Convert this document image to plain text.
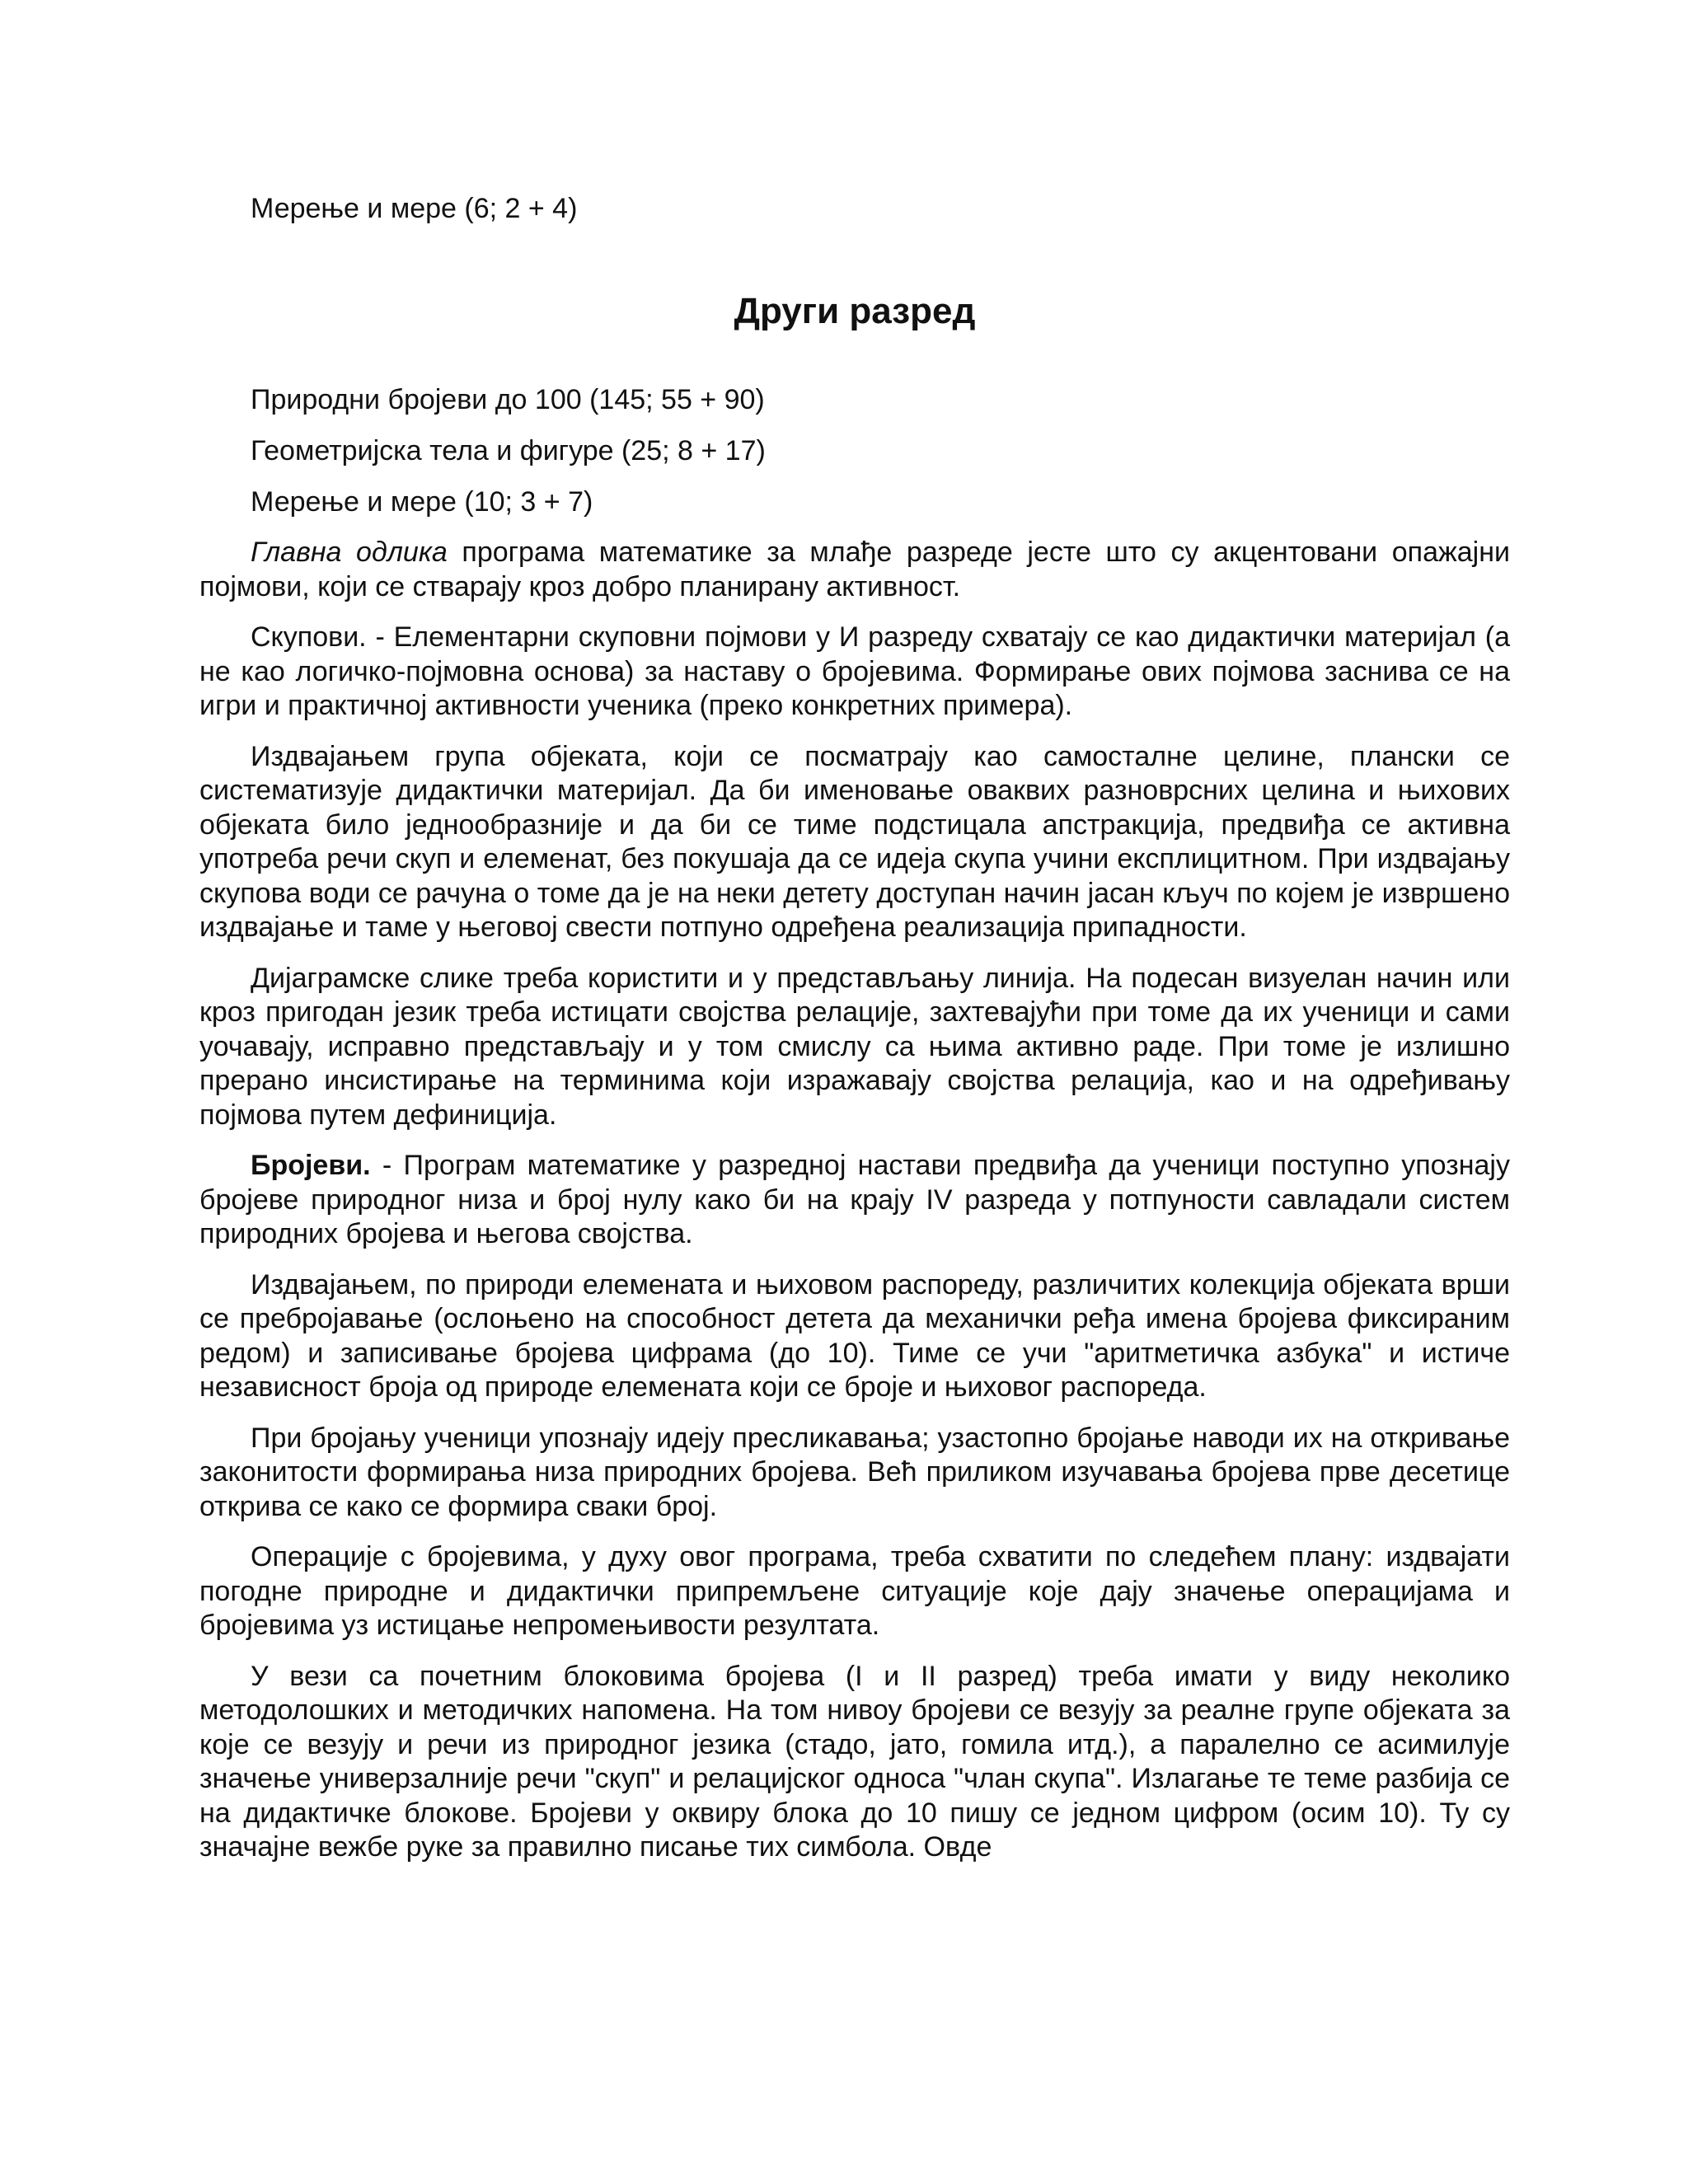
Мерење и мере (6; 2 + 4)

Други разред

Природни бројеви до 100 (145; 55 + 90)

Геометријска тела и фигуре (25; 8 + 17)

Мерење и мере (10; 3 + 7)

Главна одлика програма математике за млађе разреде јесте што су акцентовани опажајни појмови, који се стварају кроз добро планирану активност.

Скупови. - Елементарни скуповни појмови у И разреду схватају се као дидактички материјал (а не као логичко-појмовна основа) за наставу о бројевима. Формирање ових појмова заснива се на игри и практичној активности ученика (преко конкретних примера).

Издвајањем група објеката, који се посматрају као самосталне целине, плански се систематизује дидактички материјал. Да би именовање оваквих разноврсних целина и њихових објеката било једнообразније и да би се тиме подстицала апстракција, предвиђа се активна употреба речи скуп и елеменат, без покушаја да се идеја скупа учини експлицитном. При издвајању скупова води се рачуна о томе да је на неки детету доступан начин јасан кључ по којем је извршено издвајање и таме у његовој свести потпуно одређена реализација припадности.

Дијаграмске слике треба користити и у представљању линија. На подесан визуелан начин или кроз пригодан језик треба истицати својства релације, захтевајући при томе да их ученици и сами уочавају, исправно представљају и у том смислу са њима активно раде. При томе је излишно прерано инсистирање на терминима који изражавају својства релација, као и на одређивању појмова путем дефиниција.

Бројеви. - Програм математике у разредној настави предвиђа да ученици поступно упознају бројеве природног низа и број нулу како би на крају IV разреда у потпуности савладали систем природних бројева и његова својства.

Издвајањем, по природи елемената и њиховом распореду, различитих колекција објеката врши се пребројавање (ослоњено на способност детета да механички ређа имена бројева фиксираним редом) и записивање бројева цифрама (до 10). Тиме се учи "аритметичка азбука" и истиче независност броја од природе елемената који се броје и њиховог распореда.

При бројању ученици упознају идеју пресликавања; узастопно бројање наводи их на откривање законитости формирања низа природних бројева. Већ приликом изучавања бројева прве десетице открива се како се формира сваки број.

Операције с бројевима, у духу овог програма, треба схватити по следећем плану: издвајати погодне природне и дидактички припремљене ситуације које дају значење операцијама и бројевима уз истицање непромењивости резултата.

У вези са почетним блоковима бројева (I и II разред) треба имати у виду неколико методолошких и методичких напомена. На том нивоу бројеви се везују за реалне групе објеката за које се везују и речи из природног језика (стадо, јато, гомила итд.), а паралелно се асимилује значење универзалније речи "скуп" и релацијског односа "члан скупа". Излагање те теме разбија се на дидактичке блокове. Бројеви у оквиру блока до 10 пишу се једном цифром (осим 10). Ту су значајне вежбе руке за правилно писање тих симбола. Овде
